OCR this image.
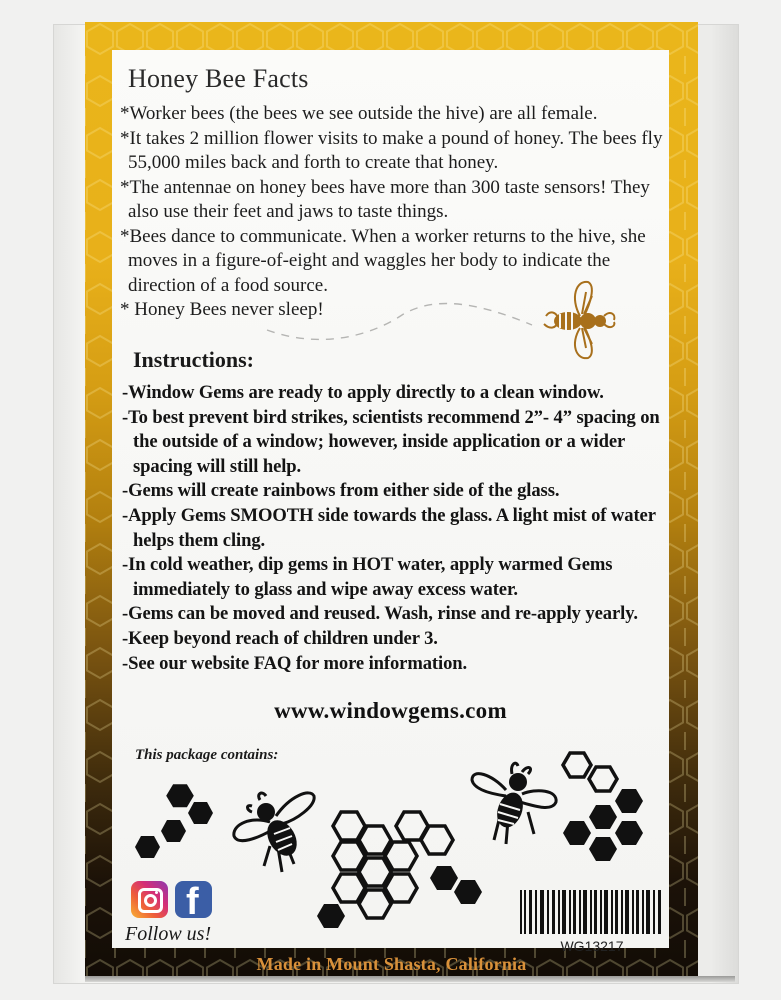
Honey Bee Facts

*Worker bees (the bees we see outside the hive) are all female.

*It takes 2 million flower visits to make a pound of honey. The bees fly 55,000 miles back and forth to create that honey.

*The antennae on honey bees have more than 300 taste sensors! They also use their feet and jaws to taste things.

*Bees dance to communicate. When a worker returns to the hive, she moves in a figure-of-eight and waggles her body to indicate the direction of a food source.

* Honey Bees never sleep!

Instructions:

-Window Gems are ready to apply directly to a clean window.

-To best prevent bird strikes, scientists recommend 2”- 4” spacing on the outside of a window; however, inside application or a wider spacing will still help.

-Gems will create rainbows from either side of the glass.

-Apply Gems SMOOTH side towards the glass. A light mist of water helps them cling.

-In cold weather, dip gems in HOT water, apply warmed Gems immediately to glass and wipe away excess water.

-Gems can be moved and reused. Wash, rinse and re-apply yearly.

-Keep beyond reach of children under 3.

-See our website FAQ for more information.

www.windowgems.com
This package contains:
f
Follow us!
WG13217
Made in Mount Shasta, California
